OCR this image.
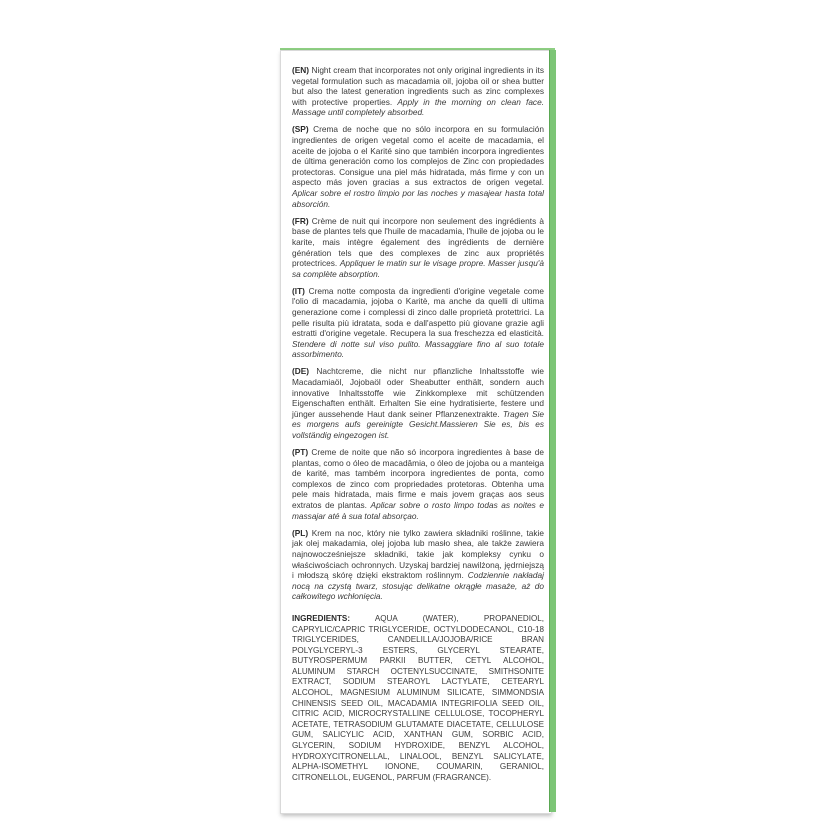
(EN) Night cream that incorporates not only original ingredients in its vegetal formulation such as macadamia oil, jojoba oil or shea butter but also the latest generation ingredients such as zinc complexes with protective properties. Apply in the morning on clean face. Massage until completely absorbed.

(SP) Crema de noche que no sólo incorpora en su formulación ingredientes de origen vegetal como el aceite de macadamia, el aceite de jojoba o el Karité sino que también incorpora ingredientes de última generación como los complejos de Zinc con propiedades protectoras. Consigue una piel más hidratada, más firme y con un aspecto más joven gracias a sus extractos de origen vegetal. Aplicar sobre el rostro limpio por las noches y masajear hasta total absorción.

(FR) Crème de nuit qui incorpore non seulement des ingrédients à base de plantes tels que l'huile de macadamia, l'huile de jojoba ou le karite, mais intègre également des ingrédients de dernière génération tels que des complexes de zinc aux propriétés protectrices. Appliquer le matin sur le visage propre. Masser jusqu'à sa complète absorption.

(IT) Crema notte composta da ingredienti d'origine vegetale come l'olio di macadamia, jojoba o Karitè, ma anche da quelli di ultima generazione come i complessi di zinco dalle proprietà protettrici. La pelle risulta più idratata, soda e dall'aspetto più giovane grazie agli estratti d'origine vegetale. Recupera la sua freschezza ed elasticità. Stendere di notte sul viso pulito. Massaggiare fino al suo totale assorbimento.

(DE) Nachtcreme, die nicht nur pflanzliche Inhaltsstoffe wie Macadamiaöl, Jojobaöl oder Sheabutter enthält, sondern auch innovative Inhaltsstoffe wie Zinkkomplexe mit schützenden Eigenschaften enthält. Erhalten Sie eine hydratisierte, festere und jünger aussehende Haut dank seiner Pflanzenextrakte. Tragen Sie es morgens aufs gereinigte Gesicht.Massieren Sie es, bis es vollständig eingezogen ist.

(PT) Creme de noite que não só incorpora ingredientes à base de plantas, como o óleo de macadâmia, o óleo de jojoba ou a manteiga de karité, mas também incorpora ingredientes de ponta, como complexos de zinco com propriedades protetoras. Obtenha uma pele mais hidratada, mais firme e mais jovem graças aos seus extratos de plantas. Aplicar sobre o rosto limpo todas as noites e massajar até à sua total absorçao.

(PL) Krem na noc, który nie tylko zawiera składniki roślinne, takie jak olej makadamia, olej jojoba lub masło shea, ale także zawiera najnowocześniejsze składniki, takie jak kompleksy cynku o właściwościach ochronnych. Uzyskaj bardziej nawilżoną, jędrniejszą i młodszą skórę dzięki ekstraktom roślinnym. Codziennie nakładaj nocą na czystą twarz, stosując delikatne okrągłe masaże, aż do całkowitego wchłonięcia.

INGREDIENTS:	AQUA (WATER), PROPANEDIOL, CAPRYLIC/CAPRIC TRIGLYCERIDE, OCTYLDODECANOL, C10-18 TRIGLYCERIDES, CANDELILLA/JOJOBA/RICE BRAN POLYGLYCERYL-3 ESTERS, GLYCERYL STEARATE, BUTYROSPERMUM PARKII BUTTER, CETYL ALCOHOL, ALUMINUM STARCH OCTENYLSUCCINATE, SMITHSONITE EXTRACT, SODIUM STEAROYL LACTYLATE, CETEARYL ALCOHOL, MAGNESIUM ALUMINUM SILICATE, SIMMONDSIA CHINENSIS SEED OIL, MACADAMIA INTEGRIFOLIA SEED OIL, CITRIC ACID, MICROCRYSTALLINE CELLULOSE, TOCOPHERYL ACETATE, TETRASODIUM GLUTAMATE DIACETATE, CELLULOSE GUM, SALICYLIC ACID, XANTHAN GUM, SORBIC ACID, GLYCERIN, SODIUM HYDROXIDE, BENZYL ALCOHOL, HYDROXYCITRONELLAL, LINALOOL, BENZYL SALICYLATE, ALPHA-ISOMETHYL IONONE, COUMARIN, GERANIOL, CITRONELLOL, EUGENOL, PARFUM (FRAGRANCE).
